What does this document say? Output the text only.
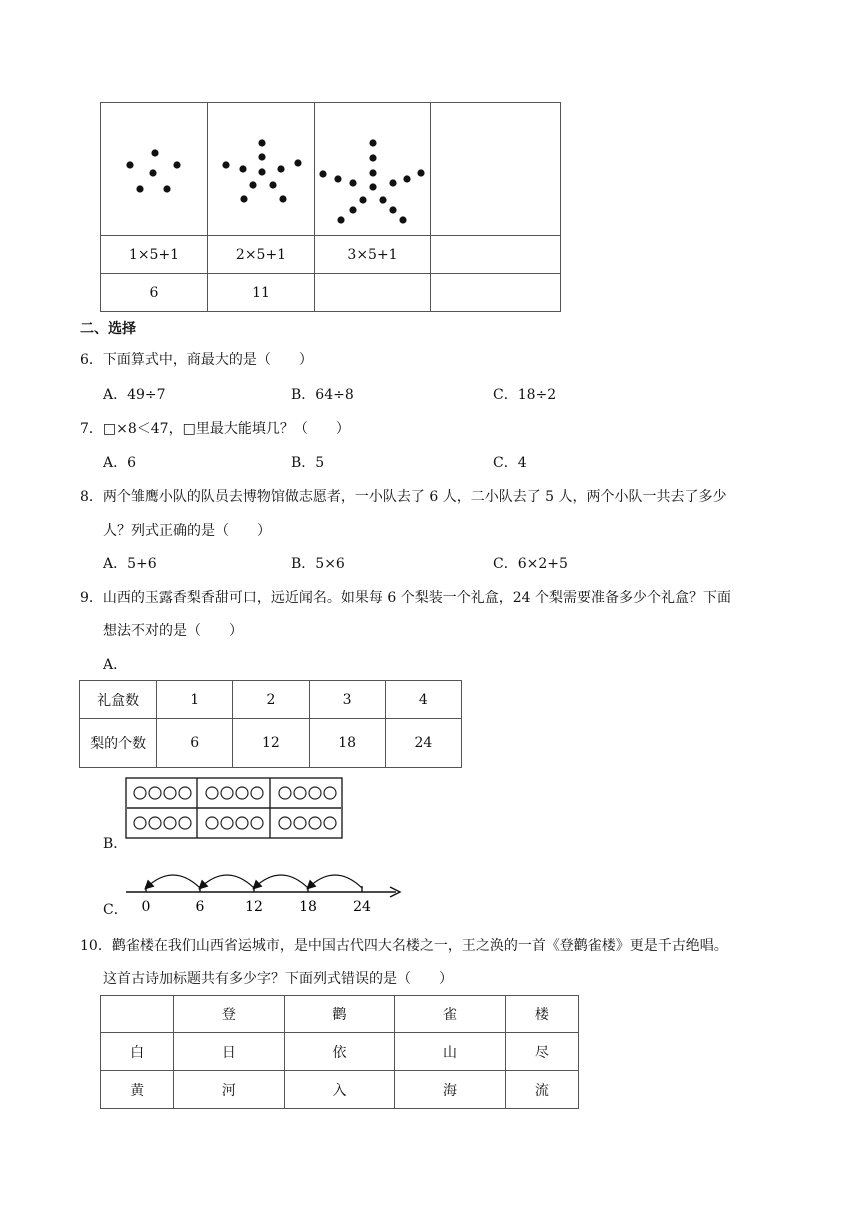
1×5+1	2×5+1	3×5+1	
6	11		
二、选择
6．下面算式中，商最大的是（　　）
A．49÷7	B．64÷8	C．18÷2
7．□×8＜47，□里最大能填几？（　　）
A．6	B．5	C．4
8．两个雏鹰小队的队员去博物馆做志愿者，一小队去了 6 人，二小队去了 5 人，两个小队一共去了多少
人？列式正确的是（　　）
A．5+6	B．5×6	C．6×2+5
9．山西的玉露香梨香甜可口，远近闻名。如果每 6 个梨装一个礼盒，24 个梨需要准备多少个礼盒？下面
想法不对的是（　　）
A．
礼盒数	1	2	3	4
梨的个数	6	12	18	24
B．
C． 0	6	12	18	24
10．鹳雀楼在我们山西省运城市，是中国古代四大名楼之一，王之涣的一首《登鹳雀楼》更是千古绝唱。
这首古诗加标题共有多少字？下面列式错误的是（　　）
	登	鹳	雀	楼
白	日	依	山	尽
黄	河	入	海	流
